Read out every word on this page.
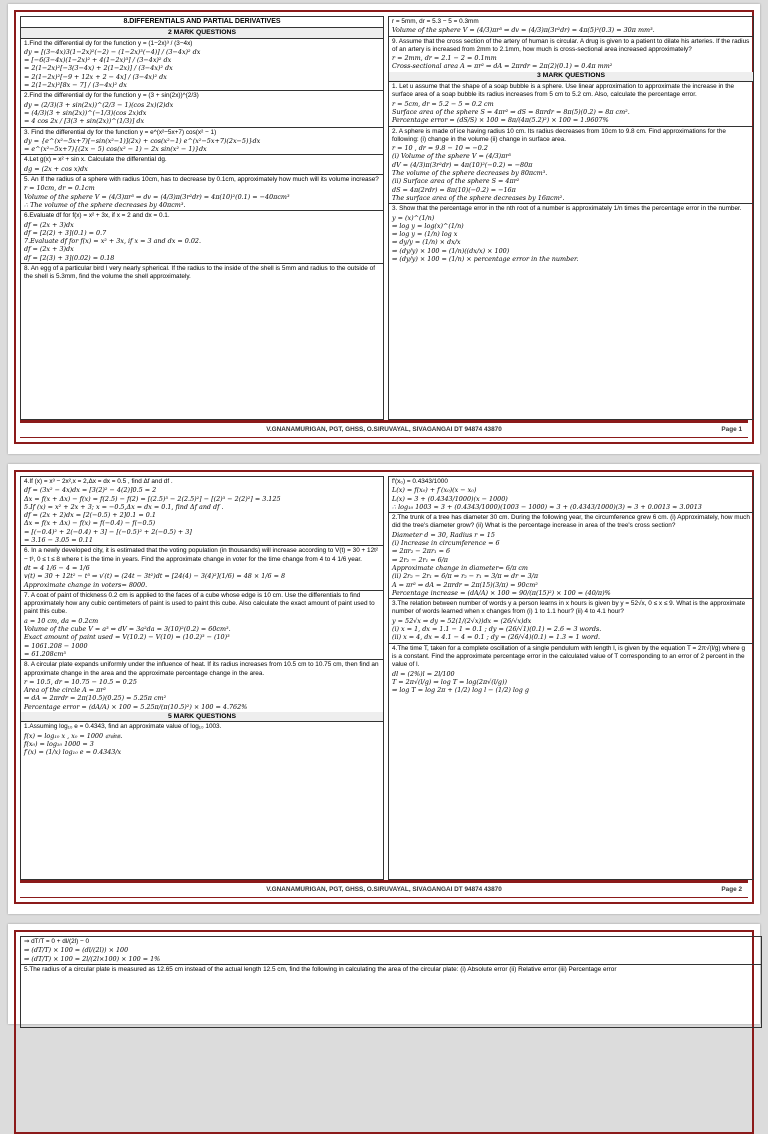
8.DIFFERENTIALS AND PARTIAL DERIVATIVES
2 MARK QUESTIONS
1.Find the differential dy for the function y = (1−2x)³ / (3−4x)
dy = [(3−4x)3(1−2x)²(−2) − (1−2x)³(−4)] / (3−4x)² dx
= [−6(3−4x)(1−2x)² + 4(1−2x)³] / (3−4x)² dx
= 2(1−2x)²[−3(3−4x) + 2(1−2x)] / (3−4x)² dx
= 2(1−2x)²[−9 + 12x + 2 − 4x] / (3−4x)² dx
= 2(1−2x)²[8x − 7] / (3−4x)² dx
2.Find the differential dy for the function y = (3 + sin(2x))^(2/3)
dy = (2/3)(3 + sin(2x))^(2/3 − 1)(cos 2x)(2)dx
= (4/3)(3 + sin(2x))^(−1/3)(cos 2x)dx
= 4 cos 2x / [3(3 + sin(2x))^(1/3)] dx
3. Find the differential dy for the function y = e^(x²−5x+7) cos(x² − 1)
dy = {e^(x²−5x+7)[−sin(x²−1)](2x) + cos(x²−1) e^(x²−5x+7)(2x−5)}dx
= e^(x²−5x+7){(2x − 5) cos(x² − 1) − 2x sin(x² − 1)}dx
4.Let g(x) = x² + sin x. Calculate the differential dg.
dg = (2x + cos x)dx
5. An If the radius of a sphere with radius 10cm, has to decrease by 0.1cm, approximately how much will its volume increase?
r = 10cm, dr = 0.1cm
Volume of the sphere V = (4/3)πr³ ⇒ dv = (4/3)π(3r²dr) = 4π(10)²(0.1) = −40πcm³
∴ The volume of the sphere decreases by 40πcm³.
6.Evaluate df for f(x) = x² + 3x, if x = 2 and dx = 0.1.
df = (2x + 3)dx
df = [2(2) + 3](0.1) = 0.7
7.Evaluate df for f(x) = x² + 3x, if x = 3 and dx = 0.02.
df = (2x + 3)dx
df = [2(3) + 3](0.02) = 0.18
8. An egg of a particular bird I very nearly spherical. If the radius to the inside of the shell is 5mm and radius to the outside of the shell is 5.3mm, find the volume the shell approximately.
r = 5mm, dr = 5.3 − 5 = 0.3mm
Volume of the sphere V = (4/3)πr³ ⇒ dv = (4/3)π(3r²dr) = 4π(5)²(0.3) = 30π mm³.
9. Assume that the cross section of the artery of human is circular. A drug is given to a patient to dilate his arteries. If the radius of an artery is increased from 2mm to 2.1mm, how much is cross-sectional area increased approximately?
r = 2mm, dr = 2.1 − 2 = 0.1mm
Cross-sectional area A = πr² ⇒ dA = 2πrdr = 2π(2)(0.1) = 0.4π mm²
3 MARK QUESTIONS
1. Let u assume that the shape of a soap bubble is a sphere. Use linear approximation to approximate the increase in the surface area of a soap bubble its radius increases from 5 cm to 5.2 cm. Also, calculate the percentage error.
r = 5cm, dr = 5.2 − 5 = 0.2 cm
Surface area of the sphere S = 4πr² ⇒ dS = 8πrdr = 8π(5)(0.2) = 8π cm².
Percentage error = (dS/S) × 100 = 8π/(4π(5.2)²) × 100 = 1.9607%
2. A sphere is made of ice having radius 10 cm. Its radius decreases from 10cm to 9.8 cm. Find approximations for the following: (i) change in the volume (ii) change in surface area.
r = 10 , dr = 9.8 − 10 = −0.2
(i) Volume of the sphere V = (4/3)πr³
dV = (4/3)π(3r²dr) = 4π(10)²(−0.2) = −80π
The volume of the sphere decreases by 80πcm³.
(ii) Surface area of the sphere S = 4πr²
dS = 4π(2rdr) = 8π(10)(−0.2) = −16π
The surface area of the sphere decreases by 16πcm².
3. Show that the percentage error in the nth root of a number is approximately 1/n times the percentage error in the number.
y = (x)^(1/n)
⇒ log y = log(x)^(1/n)
⇒ log y = (1/n) log x
⇒ dy/y = (1/n) × dx/x
⇒ (dy/y) × 100 = (1/n)((dx/x) × 100)
⇒ (dy/y) × 100 = (1/n) × percentage error in the number.
V.GNANAMURIGAN, PGT, GHSS, O.SIRUVAYAL, SIVAGANGAI DT 94874 43870	Page 1
4.If (x) = x³ − 2x²,x = 2,Δx = dx = 0.5 , find Δf and df .
df = (3x² − 4x)dx = [3(2)² − 4(2)]0.5 = 2
Δx = f(x + Δx) − f(x) = f(2.5) − f(2) = [(2.5)³ − 2(2.5)²] − [(2)³ − 2(2)²] = 3.125
5.If (x) = x² + 2x + 3; x = −0.5,Δx = dx = 0.1, find Δf and df .
df = (2x + 2)dx = [2(−0.5) + 2]0.1 = 0.1
Δx = f(x + Δx) − f(x) = f(−0.4) − f(−0.5)
= [(−0.4)² + 2(−0.4) + 3] − [(−0.5)² + 2(−0.5) + 3]
= 3.16 − 3.05 = 0.11
6. In a newly developed city, it is estimated that the voting population (in thousands) will increase according to V(t) = 30 + 12t² − t³, 0 ≤ t ≤ 8 where t is the time in years. Find the approximate change in voter for the time change from 4 to 4 1/6 year.
dt = 4 1/6 − 4 = 1/6
v(t) = 30 + 12t² − t³ ⇒ v′(t) = (24t − 3t²)dt = [24(4) − 3(4)²](1/6) = 48 × 1/6 = 8
Approximate change in voters= 8000.
7. A coat of paint of thickness 0.2 cm is applied to the faces of a cube whose edge is 10 cm. Use the differentials to find approximately how any cubic centimeters of paint is used to paint this cube. Also calculate the exact amount of paint used to paint this cube.
a = 10 cm, da = 0.2cm
Volume of the cube V = a³ ⇒ dV = 3a²da = 3(10)²(0.2) = 60cm³.
Exact amount of paint used = V(10.2) − V(10) = (10.2)³ − (10)³
= 1061.208 − 1000
= 61.208cm³
8. A circular plate expands uniformly under the influence of heat. If its radius increases from 10.5 cm to 10.75 cm, then find an approximate change in the area and the approximate percentage change in the area.
r = 10.5, dr = 10.75 − 10.5 = 0.25
Area of the circle A = πr²
⇒ dA = 2πrdr = 2π(10.5)(0.25) = 5.25π cm²
Percentage error = (dA/A) × 100 = 5.25π/(π(10.5)²) × 100 = 4.762%
5 MARK QUESTIONS
1.Assuming log₁₀ e = 0.4343, find an approximate value of log₁₀ 1003.
f(x) = log₁₀ x , x₀ = 1000 என்க.
f(x₀) = log₁₀ 1000 = 3
f′(x) = (1/x) log₁₀ e = 0.4343/x
f′(x₀) = 0.4343/1000
L(x) = f(x₀) + f′(x₀)(x − x₀)
L(x) = 3 + (0.4343/1000)(x − 1000)
∴ log₁₀ 1003 ≈ 3 + (0.4343/1000)(1003 − 1000) ≈ 3 + (0.4343/1000)(3) ≈ 3 + 0.0013 ≈ 3.0013
2.The trunk of a tree has diameter 30 cm. During the following year, the circumference grew 6 cm. (i) Approximately, how much did the tree's diameter grow? (ii) What is the percentage increase in area of the tree's cross section?
Diameter d = 30, Radius r = 15
(i) Increase in circumference = 6
⇒ 2πr₂ − 2πr₁ = 6
⇒ 2r₂ − 2r₁ = 6/π
Approximate change in diameter= 6/π cm
(ii) 2r₂ − 2r₁ = 6/π ⇒ r₂ − r₁ = 3/π ⇒ dr = 3/π
A = πr² ⇒ dA = 2πrdr = 2π(15)(3/π) = 90cm²
Percentage increase = (dA/A) × 100 = 90/(π(15)²) × 100 = (40/π)%
3.The relation between number of words y a person learns in x hours is given by y = 52√x, 0 ≤ x ≤ 9. What is the approximate number of words learned when x changes from (i) 1 to 1.1 hour? (ii) 4 to 4.1 hour?
y = 52√x ⇒ dy = 52(1/(2√x))dx = (26/√x)dx
(i) x = 1, dx = 1.1 − 1 = 0.1 ; dy = (26/√1)(0.1) = 2.6 ≈ 3 words.
(ii) x = 4, dx = 4.1 − 4 = 0.1 ; dy = (26/√4)(0.1) = 1.3 ≈ 1 word.
4.The time T, taken for a complete oscillation of a single pendulum with length l, is given by the equation T = 2π√(l/g) where g is a constant. Find the approximate percentage error in the calculated value of T corresponding to an error of 2 percent in the value of l.
dl = (2%)l = 2l/100
T = 2π√(l/g) ⇒ log T = log(2π√(l/g))
⇒ log T = log 2π + (1/2) log l − (1/2) log g
V.GNANAMURIGAN, PGT, GHSS, O.SIRUVAYAL, SIVAGANGAI DT 94874 43870	Page 2
⇒ dT/T = 0 + dl/(2l) − 0
⇒ (dT/T) × 100 = (dl/(2l)) × 100
⇒ (dT/T) × 100 = 2l/(2l×100) × 100 = 1%
5.The radius of a circular plate is measured as 12.65 cm instead of the actual length 12.5 cm, find the following in calculating the area of the circular plate: (i) Absolute error (ii) Relative error (iii) Percentage error
